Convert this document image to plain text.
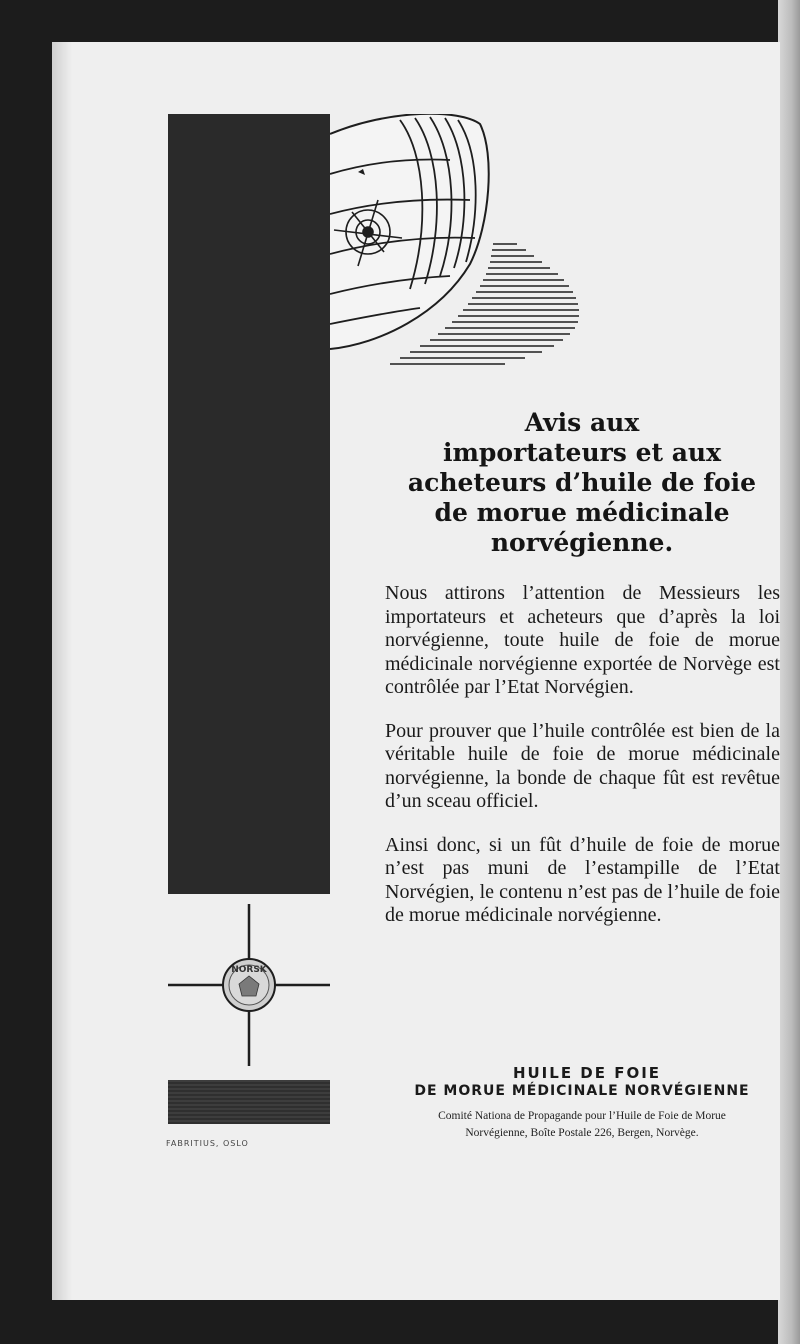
NORSK
FABRITIUS, OSLO
Avis aux
importateurs et aux
acheteurs d’huile de foie
de morue médicinale
norvégienne.

Nous attirons l’attention de Messieurs les importateurs et acheteurs que d’après la loi norvégienne, toute huile de foie de morue médicinale norvégienne exportée de Norvège est contrôlée par l’Etat Norvégien.

Pour prouver que l’huile contrôlée est bien de la véritable huile de foie de morue médicinale norvégienne, la bonde de chaque fût est revêtue d’un sceau officiel.

Ainsi donc, si un fût d’huile de foie de morue n’est pas muni de l’estampille de l’Etat Norvégien, le contenu n’est pas de l’huile de foie de morue médicinale norvégienne.

HUILE DE FOIE
DE MORUE MÉDICINALE NORVÉGIENNE
Comité Nationa de Propagande pour l’Huile de Foie de Morue
Norvégienne, Boîte Postale 226, Bergen, Norvège.
